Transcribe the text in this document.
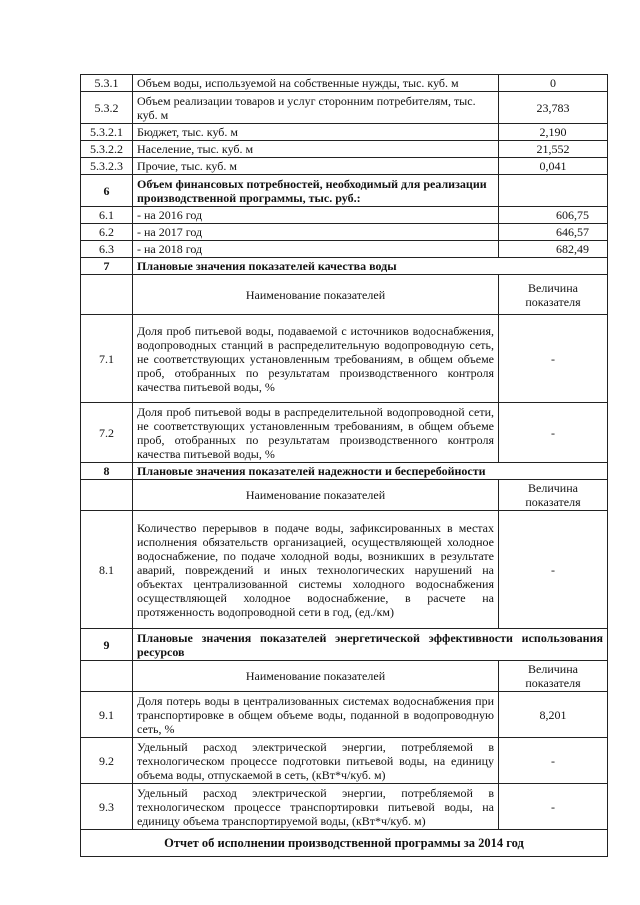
5.3.1	Объем воды, используемой на собственные нужды, тыс. куб. м	0
5.3.2	Объем реализации товаров и услуг сторонним потребителям, тыс. куб. м	23,783
5.3.2.1	Бюджет, тыс. куб. м	2,190
5.3.2.2	Население, тыс. куб. м	21,552
5.3.2.3	Прочие, тыс. куб. м	0,041
6	Объем финансовых потребностей, необходимый для реализации производственной программы, тыс. руб.:	
6.1	- на 2016 год	606,75
6.2	- на 2017 год	646,57
6.3	- на 2018 год	682,49
7	Плановые значения показателей качества воды	
	Наименование показателей	Величина показателя
7.1	Доля проб питьевой воды, подаваемой с источников водоснабжения, водопроводных станций в распределительную водопроводную сеть, не соответствующих установленным требованиям, в общем объеме проб, отобранных по результатам производственного контроля качества питьевой воды, %	-
7.2	Доля проб питьевой воды в распределительной водопроводной сети, не соответствующих установленным требованиям, в общем объеме проб, отобранных по результатам производственного контроля качества питьевой воды, %	-
8	Плановые значения показателей надежности и бесперебойности	
	Наименование показателей	Величина показателя
8.1	Количество перерывов в подаче воды, зафиксированных в местах исполнения обязательств организацией, осуществляющей холодное водоснабжение, по подаче холодной воды, возникших в результате аварий, повреждений и иных технологических нарушений на объектах централизованной системы холодного водоснабжения осуществляющей холодное водоснабжение, в расчете на протяженность водопроводной сети в год, (ед./км)	-
9	Плановые значения показателей энергетической эффективности использования ресурсов	
	Наименование показателей	Величина показателя
9.1	Доля потерь воды в централизованных системах водоснабжения при транспортировке в общем объеме воды, поданной в водопроводную сеть, %	8,201
9.2	Удельный расход электрической энергии, потребляемой в технологическом процессе подготовки питьевой воды, на единицу объема воды, отпускаемой в сеть, (кВт*ч/куб. м)	-
9.3	Удельный расход электрической энергии, потребляемой в технологическом процессе транспортировки питьевой воды, на единицу объема транспортируемой воды, (кВт*ч/куб. м)	-
Отчет об исполнении производственной программы за 2014 год		
